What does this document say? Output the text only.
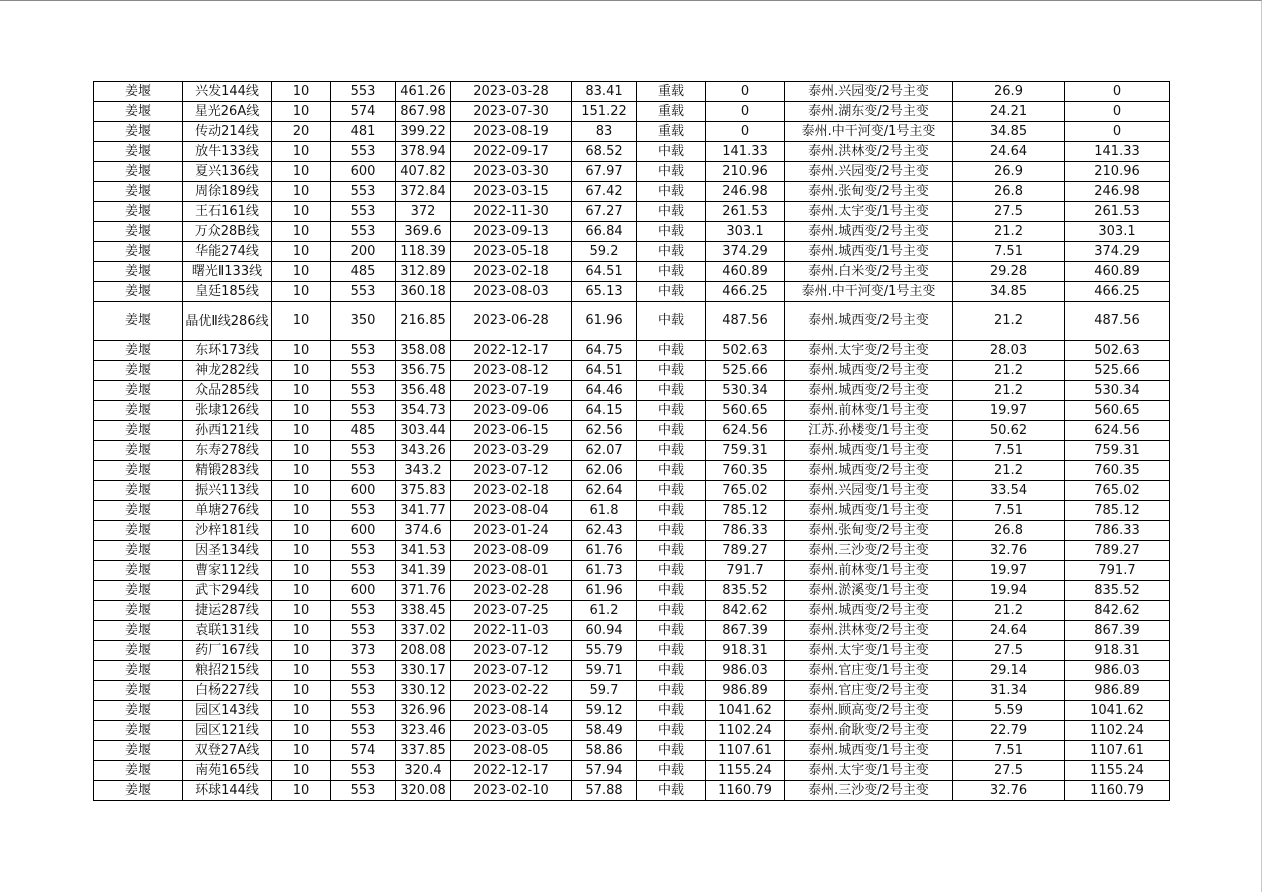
姜堰	兴发144线	10	553	461.26	2023-03-28	83.41	重载	0	泰州.兴园变/2号主变	26.9	0
姜堰	星光26A线	10	574	867.98	2023-07-30	151.22	重载	0	泰州.湖东变/2号主变	24.21	0
姜堰	传动214线	20	481	399.22	2023-08-19	83	重载	0	泰州.中干河变/1号主变	34.85	0
姜堰	放牛133线	10	553	378.94	2022-09-17	68.52	中载	141.33	泰州.洪林变/2号主变	24.64	141.33
姜堰	夏兴136线	10	600	407.82	2023-03-30	67.97	中载	210.96	泰州.兴园变/2号主变	26.9	210.96
姜堰	周徐189线	10	553	372.84	2023-03-15	67.42	中载	246.98	泰州.张甸变/2号主变	26.8	246.98
姜堰	王石161线	10	553	372	2022-11-30	67.27	中载	261.53	泰州.太宇变/1号主变	27.5	261.53
姜堰	万众28B线	10	553	369.6	2023-09-13	66.84	中载	303.1	泰州.城西变/2号主变	21.2	303.1
姜堰	华能274线	10	200	118.39	2023-05-18	59.2	中载	374.29	泰州.城西变/1号主变	7.51	374.29
姜堰	曙光Ⅱ133线	10	485	312.89	2023-02-18	64.51	中载	460.89	泰州.白米变/2号主变	29.28	460.89
姜堰	皇廷185线	10	553	360.18	2023-08-03	65.13	中载	466.25	泰州.中干河变/1号主变	34.85	466.25
姜堰	晶优Ⅱ线286线	10	350	216.85	2023-06-28	61.96	中载	487.56	泰州.城西变/2号主变	21.2	487.56
姜堰	东环173线	10	553	358.08	2022-12-17	64.75	中载	502.63	泰州.太宇变/2号主变	28.03	502.63
姜堰	神龙282线	10	553	356.75	2023-08-12	64.51	中载	525.66	泰州.城西变/2号主变	21.2	525.66
姜堰	众品285线	10	553	356.48	2023-07-19	64.46	中载	530.34	泰州.城西变/2号主变	21.2	530.34
姜堰	张埭126线	10	553	354.73	2023-09-06	64.15	中载	560.65	泰州.前林变/1号主变	19.97	560.65
姜堰	孙西121线	10	485	303.44	2023-06-15	62.56	中载	624.56	江苏.孙楼变/1号主变	50.62	624.56
姜堰	东寿278线	10	553	343.26	2023-03-29	62.07	中载	759.31	泰州.城西变/1号主变	7.51	759.31
姜堰	精锻283线	10	553	343.2	2023-07-12	62.06	中载	760.35	泰州.城西变/2号主变	21.2	760.35
姜堰	振兴113线	10	600	375.83	2023-02-18	62.64	中载	765.02	泰州.兴园变/1号主变	33.54	765.02
姜堰	单塘276线	10	553	341.77	2023-08-04	61.8	中载	785.12	泰州.城西变/1号主变	7.51	785.12
姜堰	沙梓181线	10	600	374.6	2023-01-24	62.43	中载	786.33	泰州.张甸变/2号主变	26.8	786.33
姜堰	因圣134线	10	553	341.53	2023-08-09	61.76	中载	789.27	泰州.三沙变/2号主变	32.76	789.27
姜堰	曹家112线	10	553	341.39	2023-08-01	61.73	中载	791.7	泰州.前林变/1号主变	19.97	791.7
姜堰	武卞294线	10	600	371.76	2023-02-28	61.96	中载	835.52	泰州.淤溪变/1号主变	19.94	835.52
姜堰	捷运287线	10	553	338.45	2023-07-25	61.2	中载	842.62	泰州.城西变/2号主变	21.2	842.62
姜堰	袁联131线	10	553	337.02	2022-11-03	60.94	中载	867.39	泰州.洪林变/2号主变	24.64	867.39
姜堰	药厂167线	10	373	208.08	2023-07-12	55.79	中载	918.31	泰州.太宇变/1号主变	27.5	918.31
姜堰	粮招215线	10	553	330.17	2023-07-12	59.71	中载	986.03	泰州.官庄变/1号主变	29.14	986.03
姜堰	白杨227线	10	553	330.12	2023-02-22	59.7	中载	986.89	泰州.官庄变/2号主变	31.34	986.89
姜堰	园区143线	10	553	326.96	2023-08-14	59.12	中载	1041.62	泰州.顾高变/2号主变	5.59	1041.62
姜堰	园区121线	10	553	323.46	2023-03-05	58.49	中载	1102.24	泰州.俞耿变/2号主变	22.79	1102.24
姜堰	双登27A线	10	574	337.85	2023-08-05	58.86	中载	1107.61	泰州.城西变/1号主变	7.51	1107.61
姜堰	南苑165线	10	553	320.4	2022-12-17	57.94	中载	1155.24	泰州.太宇变/1号主变	27.5	1155.24
姜堰	环球144线	10	553	320.08	2023-02-10	57.88	中载	1160.79	泰州.三沙变/2号主变	32.76	1160.79
